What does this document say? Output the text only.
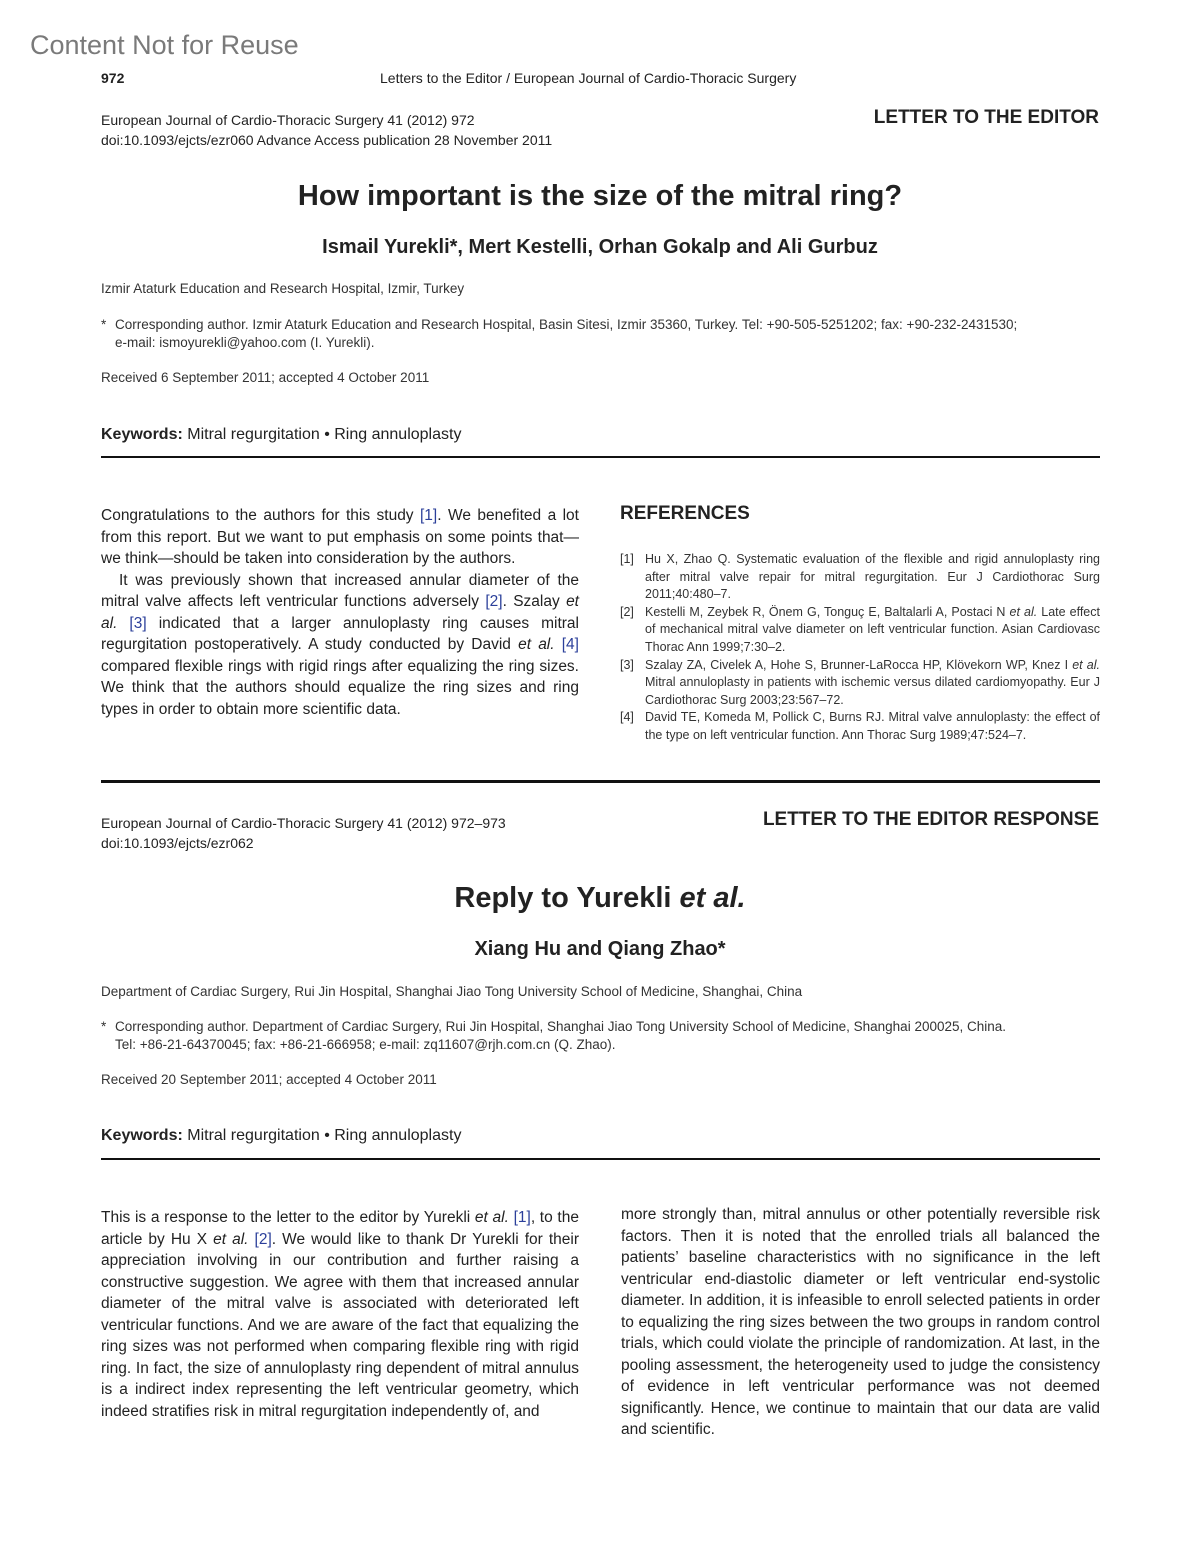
Content Not for Reuse
972	Letters to the Editor / European Journal of Cardio-Thoracic Surgery
European Journal of Cardio-Thoracic Surgery 41 (2012) 972
doi:10.1093/ejcts/ezr060 Advance Access publication 28 November 2011
LETTER TO THE EDITOR
How important is the size of the mitral ring?
Ismail Yurekli*, Mert Kestelli, Orhan Gokalp and Ali Gurbuz
Izmir Ataturk Education and Research Hospital, Izmir, Turkey
* Corresponding author. Izmir Ataturk Education and Research Hospital, Basin Sitesi, Izmir 35360, Turkey. Tel: +90-505-5251202; fax: +90-232-2431530;
e-mail: ismoyurekli@yahoo.com (I. Yurekli).
Received 6 September 2011; accepted 4 October 2011
Keywords: Mitral regurgitation • Ring annuloplasty

Congratulations to the authors for this study [1]. We benefited a lot from this report. But we want to put emphasis on some points that—we think—should be taken into consideration by the authors.

It was previously shown that increased annular diameter of the mitral valve affects left ventricular functions adversely [2]. Szalay et al. [3] indicated that a larger annuloplasty ring causes mitral regurgitation postoperatively. A study conducted by David et al. [4] compared flexible rings with rigid rings after equalizing the ring sizes. We think that the authors should equalize the ring sizes and ring types in order to obtain more scientific data.

REFERENCES
[1] Hu X, Zhao Q. Systematic evaluation of the flexible and rigid annuloplasty ring after mitral valve repair for mitral regurgitation. Eur J Cardiothorac Surg 2011;40:480–7.
[2] Kestelli M, Zeybek R, Önem G, Tonguç E, Baltalarli A, Postaci N et al. Late effect of mechanical mitral valve diameter on left ventricular function. Asian Cardiovasc Thorac Ann 1999;7:30–2.
[3] Szalay ZA, Civelek A, Hohe S, Brunner-LaRocca HP, Klövekorn WP, Knez I et al. Mitral annuloplasty in patients with ischemic versus dilated cardiomyopathy. Eur J Cardiothorac Surg 2003;23:567–72.
[4] David TE, Komeda M, Pollick C, Burns RJ. Mitral valve annuloplasty: the effect of the type on left ventricular function. Ann Thorac Surg 1989;47:524–7.
European Journal of Cardio-Thoracic Surgery 41 (2012) 972–973
doi:10.1093/ejcts/ezr062
LETTER TO THE EDITOR RESPONSE
Reply to Yurekli et al.
Xiang Hu and Qiang Zhao*
Department of Cardiac Surgery, Rui Jin Hospital, Shanghai Jiao Tong University School of Medicine, Shanghai, China
* Corresponding author. Department of Cardiac Surgery, Rui Jin Hospital, Shanghai Jiao Tong University School of Medicine, Shanghai 200025, China.
Tel: +86-21-64370045; fax: +86-21-666958; e-mail: zq11607@rjh.com.cn (Q. Zhao).
Received 20 September 2011; accepted 4 October 2011
Keywords: Mitral regurgitation • Ring annuloplasty

This is a response to the letter to the editor by Yurekli et al. [1], to the article by Hu X et al. [2]. We would like to thank Dr Yurekli for their appreciation involving in our contribution and further raising a constructive suggestion. We agree with them that increased annular diameter of the mitral valve is associated with deteriorated left ventricular functions. And we are aware of the fact that equalizing the ring sizes was not performed when comparing flexible ring with rigid ring. In fact, the size of annuloplasty ring dependent of mitral annulus is a indirect index representing the left ventricular geometry, which indeed stratifies risk in mitral regurgitation independently of, and

more strongly than, mitral annulus or other potentially reversible risk factors. Then it is noted that the enrolled trials all balanced the patients’ baseline characteristics with no significance in the left ventricular end-diastolic diameter or left ventricular end-systolic diameter. In addition, it is infeasible to enroll selected patients in order to equalizing the ring sizes between the two groups in random control trials, which could violate the principle of randomization. At last, in the pooling assessment, the heterogeneity used to judge the consistency of evidence in left ventricular performance was not deemed significantly. Hence, we continue to maintain that our data are valid and scientific.
